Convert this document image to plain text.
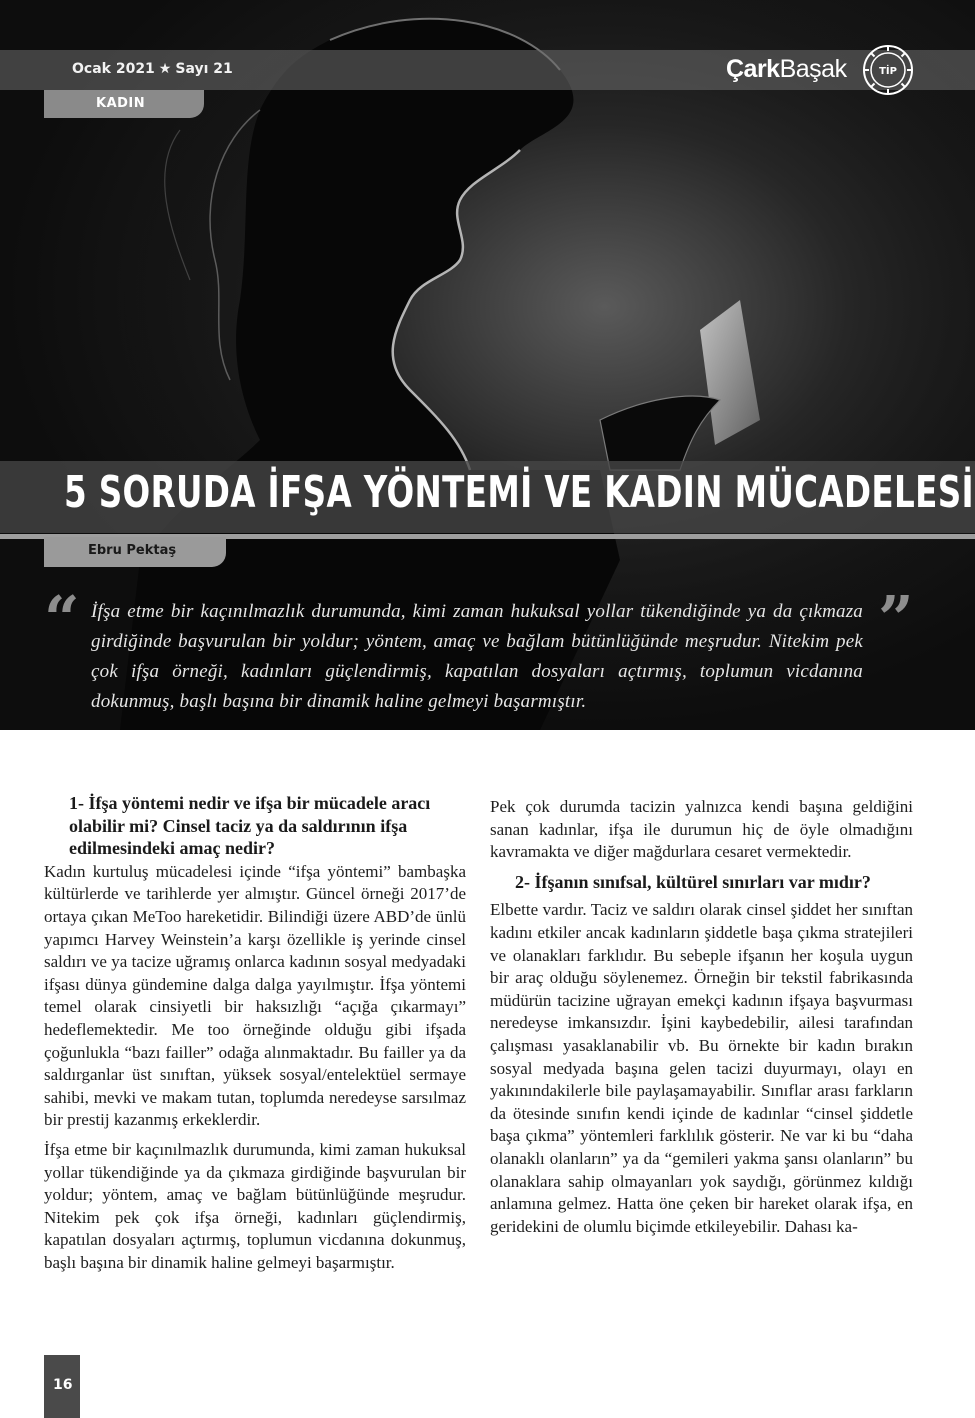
Ocak 2021 ★ Sayı 21	ÇarkBaşak	TİP
KADIN
5 SORUDA İFŞA YÖNTEMİ VE KADIN MÜCADELESİ
Ebru Pektaş
“ İfşa etme bir kaçınılmazlık durumunda, kimi zaman hukuksal yollar tükendiğinde ya da çıkmaza girdiğinde başvurulan bir yoldur; yöntem, amaç ve bağlam bütünlüğünde meşrudur. Nitekim pek çok ifşa örneği, kadınları güçlendirmiş, kapatılan dosyaları açtırmış, toplumun vicdanına dokunmuş, başlı başına bir dinamik haline gelmeyi başarmıştır.
”
1- İfşa yöntemi nedir ve ifşa bir mücadele aracı olabilir mi? Cinsel taciz ya da saldırının ifşa edilmesindeki amaç nedir?

Kadın kurtuluş mücadelesi içinde “ifşa yöntemi” bambaşka kültürlerde ve tarihlerde yer almıştır. Güncel örneği 2017’de ortaya çıkan MeToo hareketidir. Bilindiği üzere ABD’de ünlü yapımcı Harvey Weinstein’a karşı özellikle iş yerinde cinsel saldırı ve ya tacize uğramış onlarca kadının sosyal medyadaki ifşası dünya gündemine dalga dalga yayılmıştır. İfşa yöntemi temel olarak cinsiyetli bir haksızlığı “açığa çıkarmayı” hedeflemektedir. Me too örneğinde olduğu gibi ifşada çoğunlukla “bazı failler” odağa alınmaktadır. Bu failler ya da saldırganlar üst sınıftan, yüksek sosyal/entelektüel sermaye sahibi, mevki ve makam tutan, toplumda neredeyse sarsılmaz bir prestij kazanmış erkeklerdir.

İfşa etme bir kaçınılmazlık durumunda, kimi zaman hukuksal yollar tükendiğinde ya da çıkmaza girdiğinde başvurulan bir yoldur; yöntem, amaç ve bağlam bütünlüğünde meşrudur. Nitekim pek çok ifşa örneği, kadınları güçlendirmiş, kapatılan dosyaları açtırmış, toplumun vicdanına dokunmuş, başlı başına bir dinamik haline gelmeyi başarmıştır.

Pek çok durumda tacizin yalnızca kendi başına geldiğini sanan kadınlar, ifşa ile durumun hiç de öyle olmadığını kavramakta ve diğer mağdurlara cesaret vermektedir.

2- İfşanın sınıfsal, kültürel sınırları var mıdır?

Elbette vardır. Taciz ve saldırı olarak cinsel şiddet her sınıftan kadını etkiler ancak kadınların şiddetle başa çıkma stratejileri ve olanakları farklıdır. Bu sebeple ifşanın her koşula uygun bir araç olduğu söylenemez. Örneğin bir tekstil fabrikasında müdürün tacizine uğrayan emekçi kadının ifşaya başvurması neredeyse imkansızdır. İşini kaybedebilir, ailesi tarafından çalışması yasaklanabilir vb. Bu örnekte bir kadın bırakın sosyal medyada başına gelen tacizi duyurmayı, olayı en yakınındakilerle bile paylaşamayabilir. Sınıflar arası farkların da ötesinde sınıfın kendi içinde de kadınlar “cinsel şiddetle başa çıkma” yöntemleri farklılık gösterir. Ne var ki bu “daha olanaklı olanların” ya da “gemileri yakma şansı olanların” bu olanaklara sahip olmayanları yok saydığı, görünmez kıldığı anlamına gelmez. Hatta öne çeken bir hareket olarak ifşa, en geridekini de olumlu biçimde etkileyebilir. Dahası ka-

16
